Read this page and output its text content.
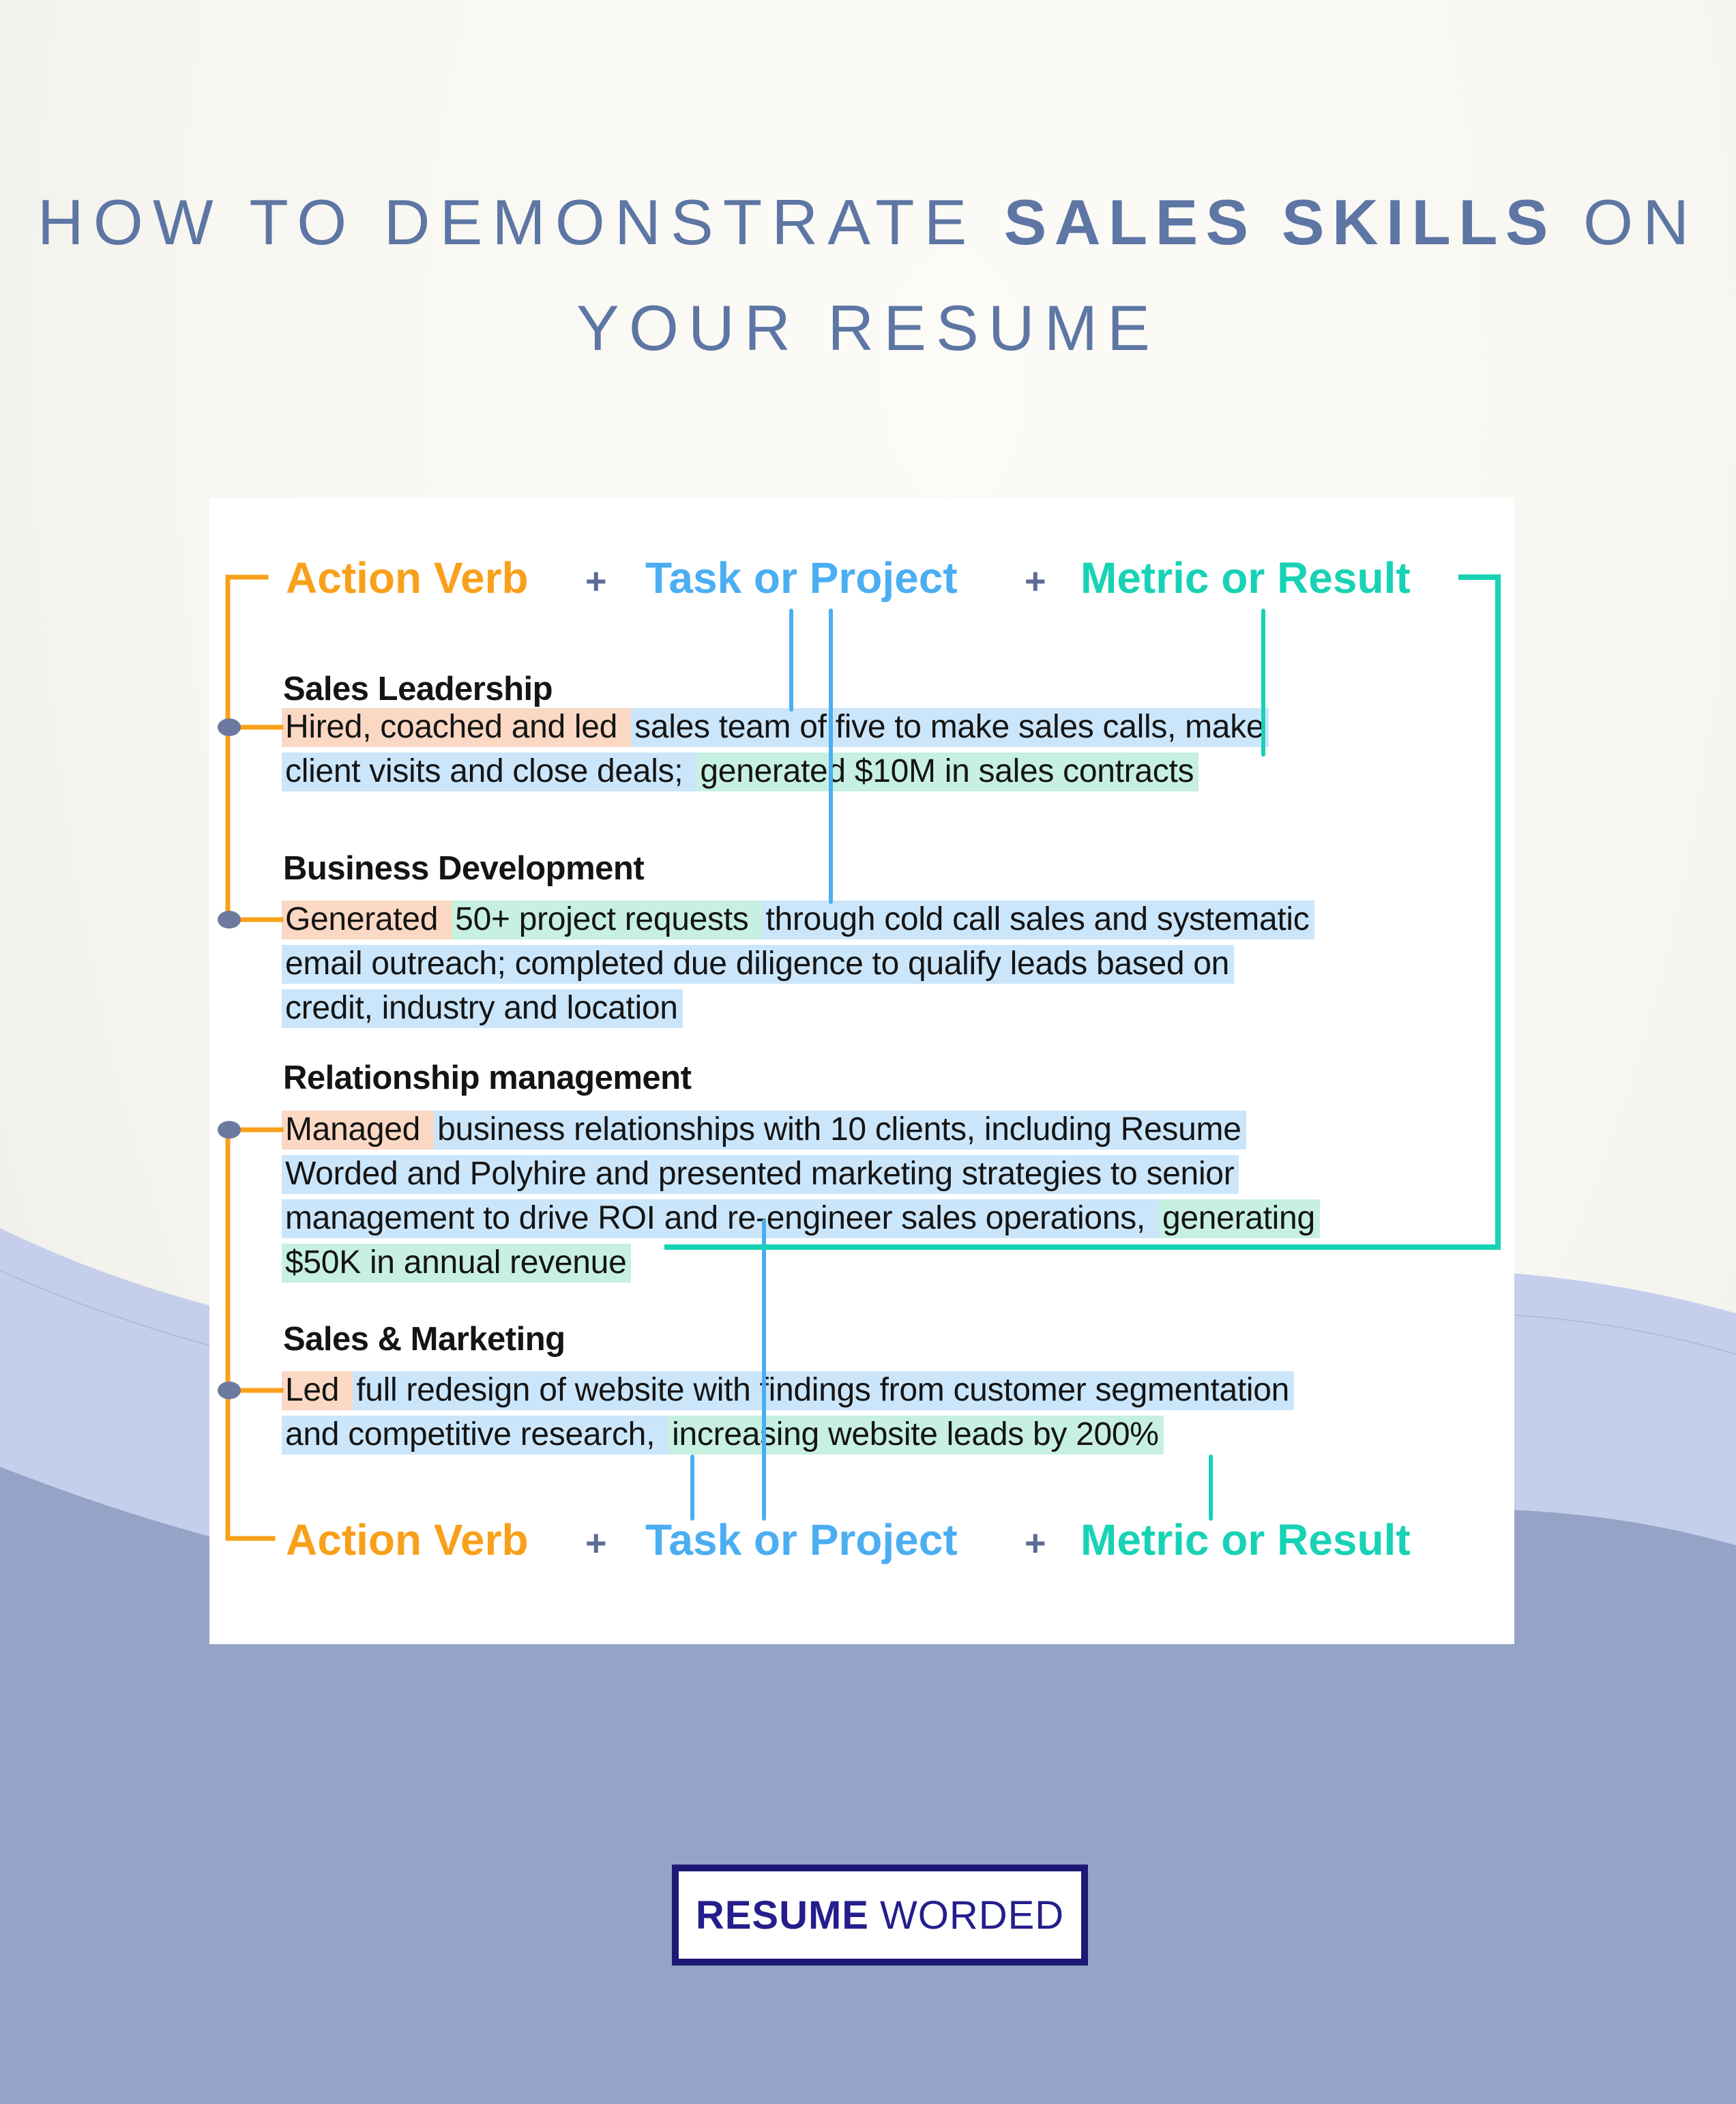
HOW TO DEMONSTRATE SALES SKILLS ON
YOUR RESUME
Action Verb + Task or Project + Metric or Result
Sales Leadership
Business Development
Relationship management
Sales & Marketing
Hired, coached and led sales team of five to make sales calls, make
client visits and close deals; generated $10M in sales contracts
Generated 50+ project requests through cold call sales and systematic
email outreach; completed due diligence to qualify leads based on
credit, industry and location
Managed business relationships with 10 clients, including Resume
Worded and Polyhire and presented marketing strategies to senior
management to drive ROI and re-engineer sales operations, generating
$50K in annual revenue
Led full redesign of website with findings from customer segmentation
and competitive research, increasing website leads by 200%
Action Verb + Task or Project + Metric or Result
RESUME WORDED
